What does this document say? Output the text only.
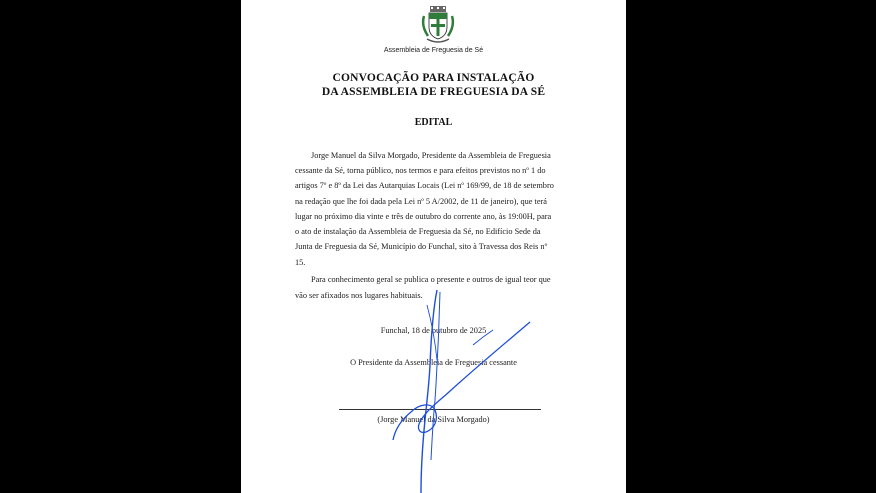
Assembleia de Freguesia de Sé
CONVOCAÇÃO PARA INSTALAÇÃO
DA ASSEMBLEIA DE FREGUESIA DA SÉ
EDITAL
Jorge Manuel da Silva Morgado, Presidente da Assembleia de Freguesia
cessante da Sé, torna público, nos termos e para efeitos previstos no nº 1 do
artigos 7º e 8º da Lei das Autarquias Locais (Lei nº 169/99, de 18 de setembro
na redação que lhe foi dada pela Lei nº 5 A/2002, de 11 de janeiro), que terá
lugar no próximo dia vinte e três de outubro do corrente ano, às 19:00H, para
o ato de instalação da Assembleia de Freguesia da Sé, no Edifício Sede da
Junta de Freguesia da Sé, Município do Funchal, sito à Travessa dos Reis nº
15.
Para conhecimento geral se publica o presente e outros de igual teor que
vão ser afixados nos lugares habituais.
Funchal, 18 de outubro de 2025
O Presidente da Assembleia de Freguesia cessante
(Jorge Manuel da Silva Morgado)
